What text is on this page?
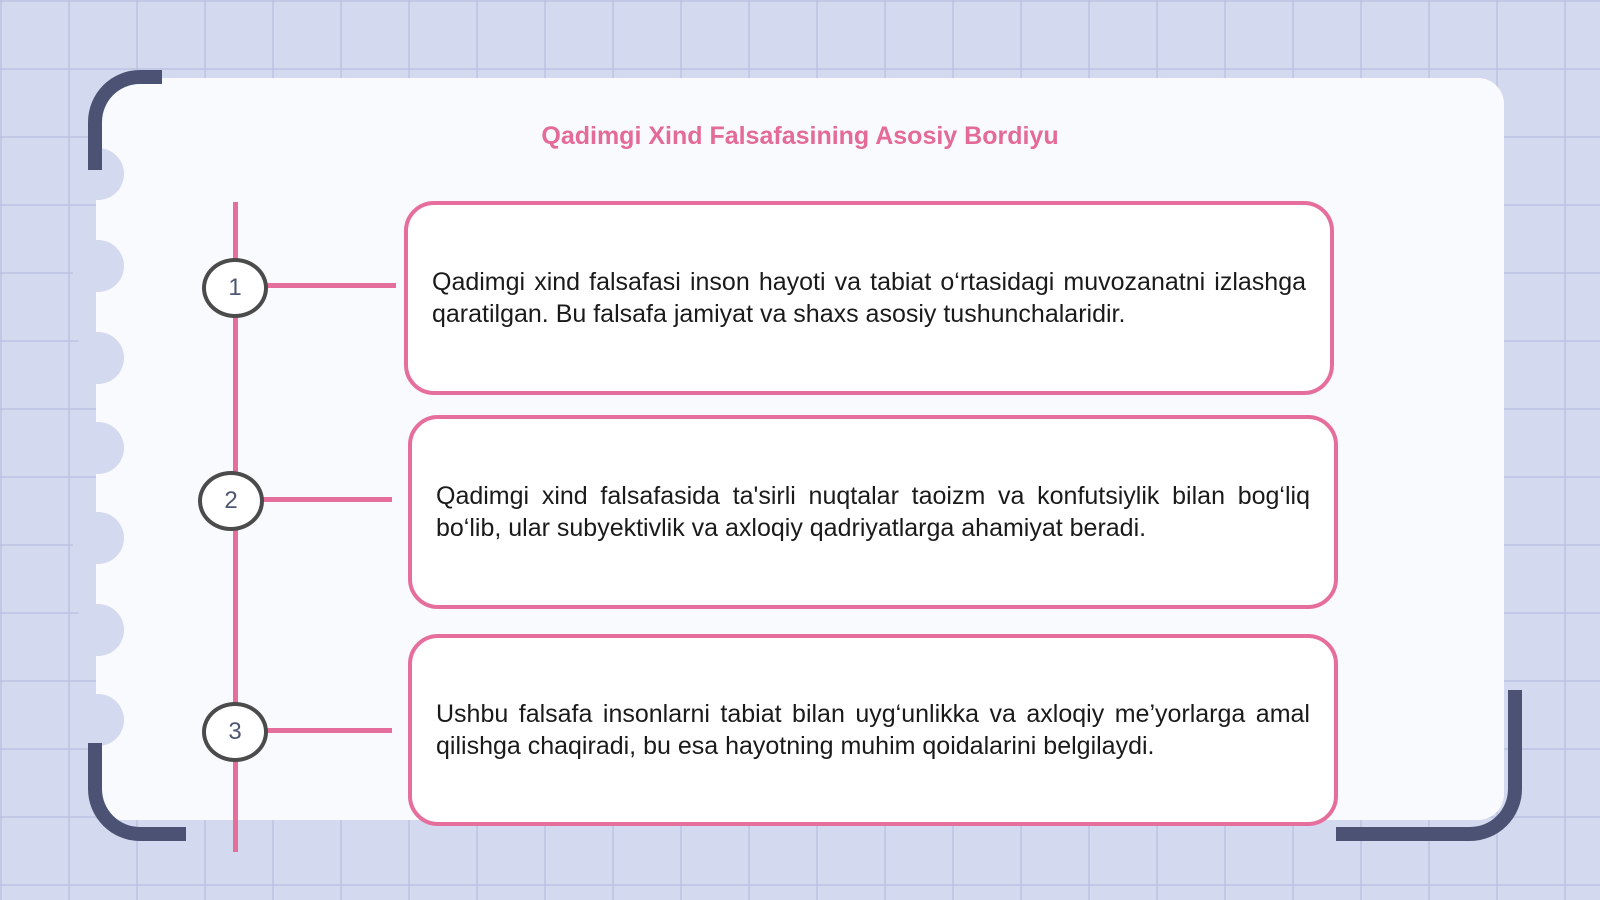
Qadimgi Xind Falsafasining Asosiy Bordiyu
1	Qadimgi xind falsafasi inson hayoti va tabiat o‘rtasidagi muvozanatni izlashga qaratilgan. Bu falsafa jamiyat va shaxs asosiy tushunchalaridir.

2	Qadimgi xind falsafasida ta'sirli nuqtalar taoizm va konfutsiylik bilan bog‘liq bo‘lib, ular subyektivlik va axloqiy qadriyatlarga ahamiyat beradi.

3

Ushbu falsafa insonlarni tabiat bilan uyg‘unlikka va axloqiy me’yorlarga amal qilishga chaqiradi, bu esa hayotning muhim qoidalarini belgilaydi.
